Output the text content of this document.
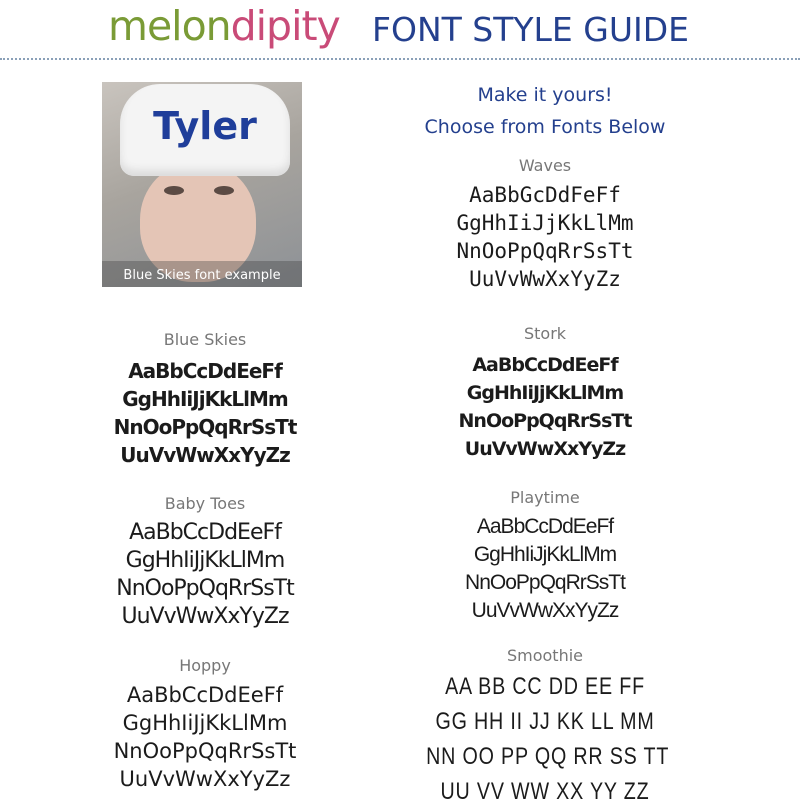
melondipity FONT STYLE GUIDE
Tyler
Blue Skies font example
Make it yours!
Choose from Fonts Below
Waves
AaBbGcDdFeFf
GgHhIiJjKkLlMm
NnOoPpQqRrSsTt
UuVvWwXxYyZz
Blue Skies
AaBbCcDdEeFf
GgHhIiJjKkLlMm
NnOoPpQqRrSsTt
UuVvWwXxYyZz
Stork
AaBbCcDdEeFf
GgHhIiJjKkLlMm
NnOoPpQqRrSsTt
UuVvWwXxYyZz
Baby Toes
AaBbCcDdEeFf
GgHhIiJjKkLlMm
NnOoPpQqRrSsTt
UuVvWwXxYyZz
Playtime
AaBbCcDdEeFf
GgHhIiJjKkLlMm
NnOoPpQqRrSsTt
UuVvWwXxYyZz
Hoppy
AaBbCcDdEeFf
GgHhIiJjKkLlMm
NnOoPpQqRrSsTt
UuVvWwXxYyZz
Smoothie
AA BB CC DD EE FF
GG HH II JJ KK LL MM
NN OO PP QQ RR SS TT
UU VV WW XX YY ZZ
